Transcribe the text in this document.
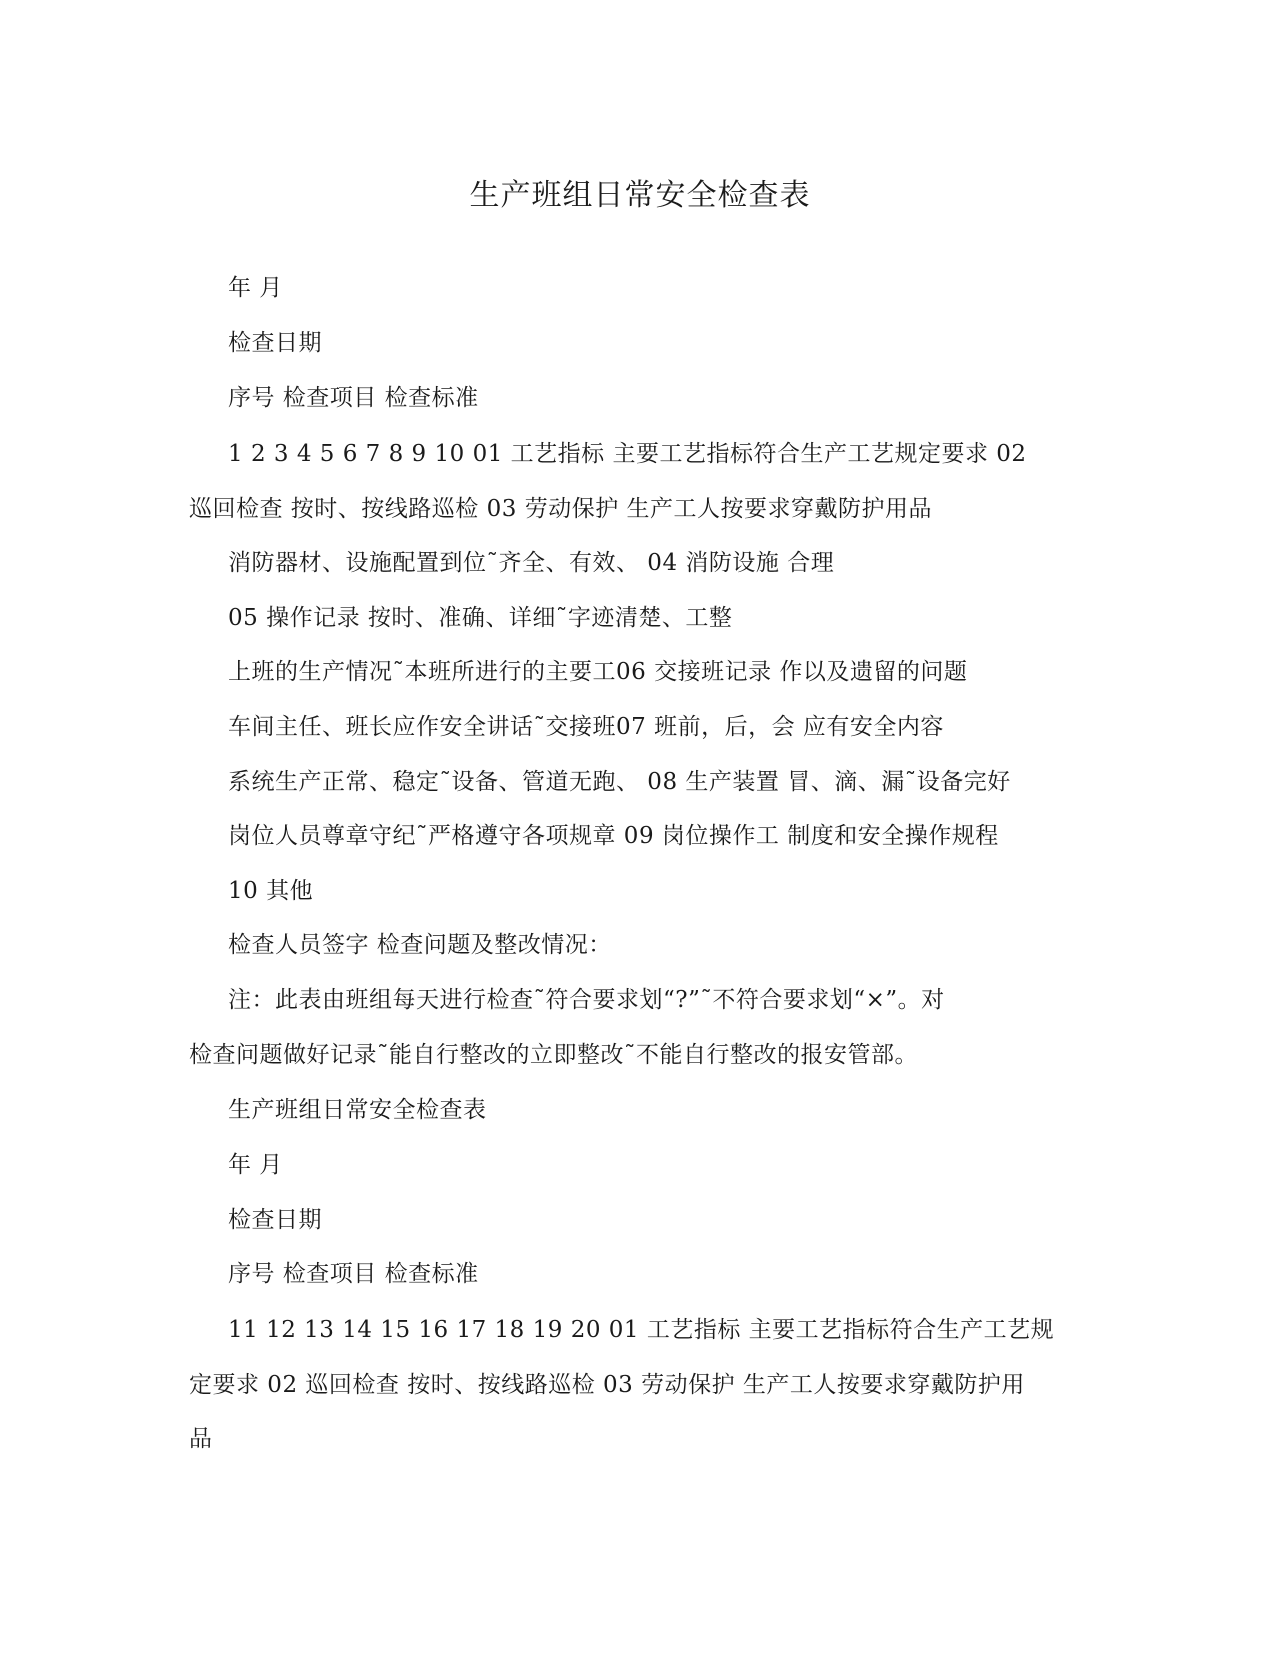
生产班组日常安全检查表
年 月
检查日期
序号 检查项目 检查标准
1 2 3 4 5 6 7 8 9 10 01 工艺指标 主要工艺指标符合生产工艺规定要求 02
巡回检查 按时、按线路巡检 03 劳动保护 生产工人按要求穿戴防护用品
消防器材、设施配置到位˜齐全、有效、 04 消防设施 合理
05 操作记录 按时、准确、详细˜字迹清楚、工整
上班的生产情况˜本班所进行的主要工06 交接班记录 作以及遗留的问题
车间主任、班长应作安全讲话˜交接班07 班前，后，会 应有安全内容
系统生产正常、稳定˜设备、管道无跑、 08 生产装置 冒、滴、漏˜设备完好
岗位人员尊章守纪˜严格遵守各项规章 09 岗位操作工 制度和安全操作规程
10 其他
检查人员签字 检查问题及整改情况：
注：此表由班组每天进行检查˜符合要求划“?”˜不符合要求划“×”。对
检查问题做好记录˜能自行整改的立即整改˜不能自行整改的报安管部。
生产班组日常安全检查表
年 月
检查日期
序号 检查项目 检查标准
11 12 13 14 15 16 17 18 19 20 01 工艺指标 主要工艺指标符合生产工艺规
定要求 02 巡回检查 按时、按线路巡检 03 劳动保护 生产工人按要求穿戴防护用
品
